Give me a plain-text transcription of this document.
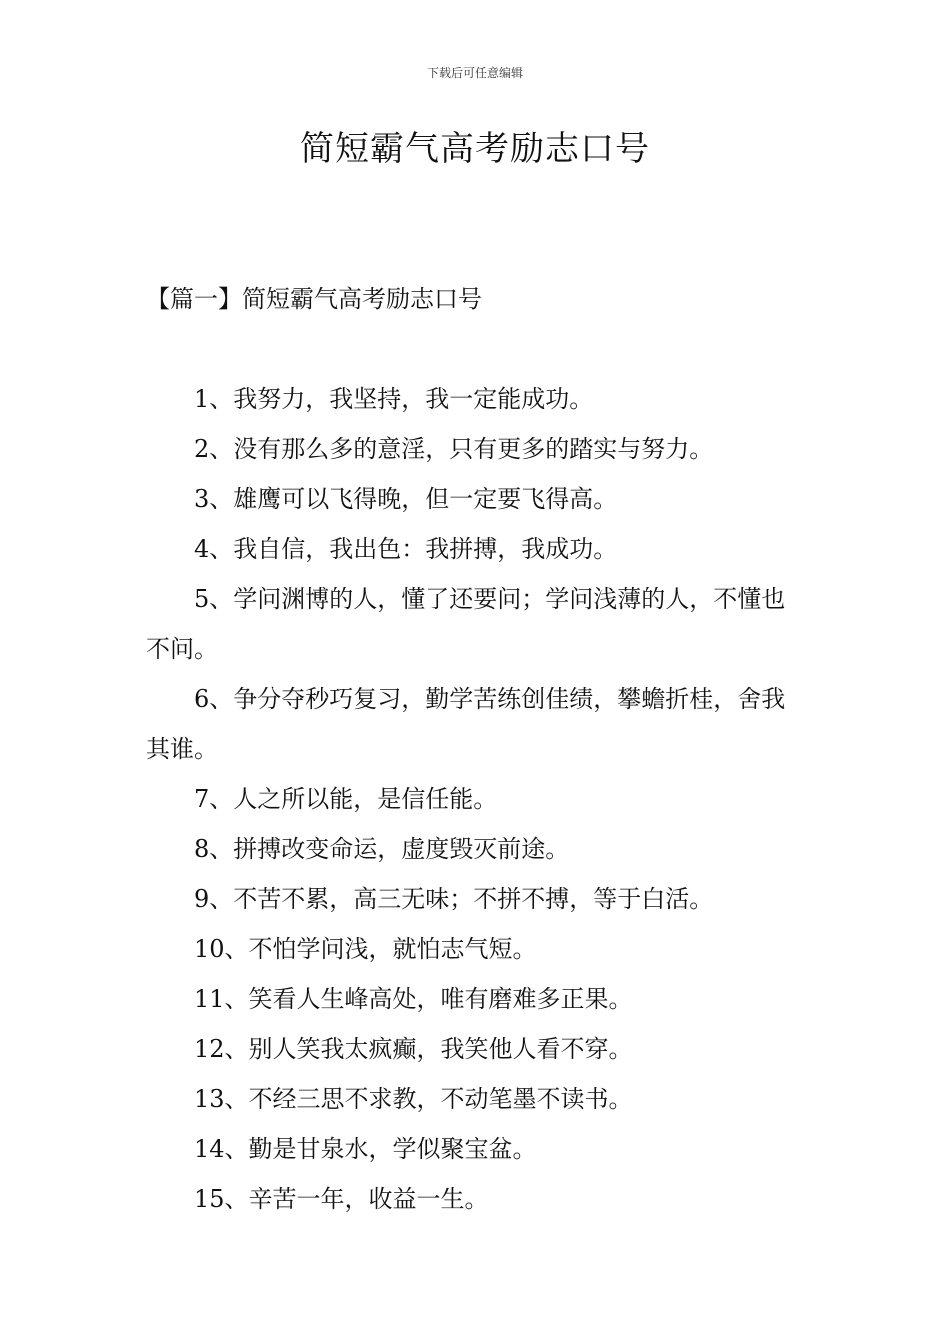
下载后可任意编辑
简短霸气高考励志口号
【篇一】简短霸气高考励志口号
1、我努力，我坚持，我一定能成功。
2、没有那么多的意淫，只有更多的踏实与努力。
3、雄鹰可以飞得晚，但一定要飞得高。
4、我自信，我出色：我拼搏，我成功。
5、学问渊博的人，懂了还要问；学问浅薄的人，不懂也不问。
6、争分夺秒巧复习，勤学苦练创佳绩，攀蟾折桂，舍我其谁。
7、人之所以能，是信任能。
8、拼搏改变命运，虚度毁灭前途。
9、不苦不累，高三无味；不拼不搏，等于白活。
10、不怕学问浅，就怕志气短。
11、笑看人生峰高处，唯有磨难多正果。
12、别人笑我太疯癫，我笑他人看不穿。
13、不经三思不求教，不动笔墨不读书。
14、勤是甘泉水，学似聚宝盆。
15、辛苦一年，收益一生。
